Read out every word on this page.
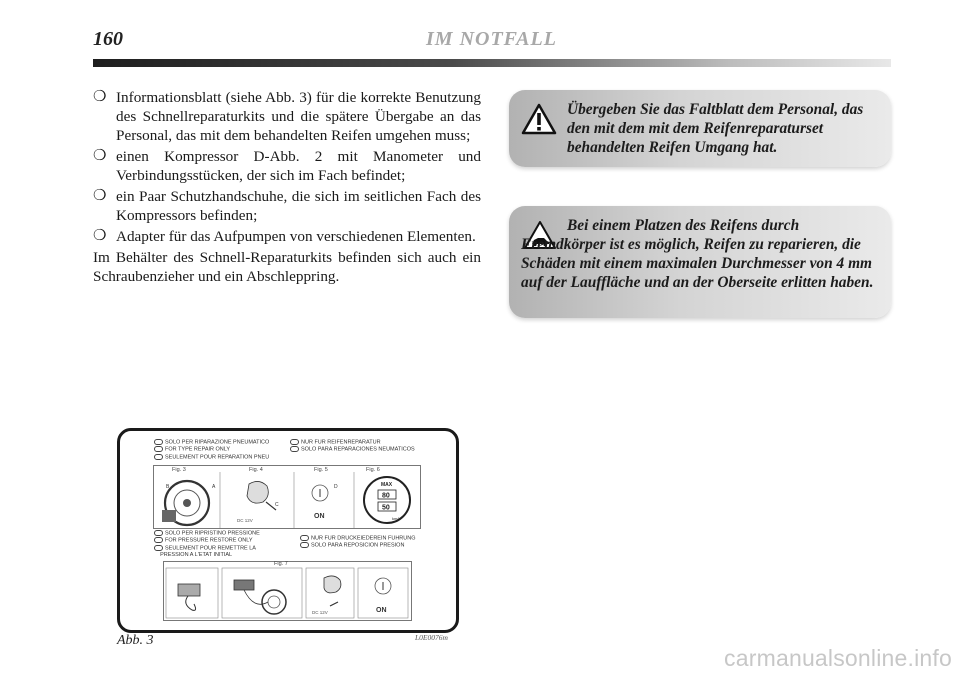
160	IM NOTFALL
❍ Informationsblatt (siehe Abb. 3) für die korrekte Benutzung des Schnellreparaturkits und die spätere Übergabe an das Personal, das mit dem behandelten Reifen umgehen muss;
❍ einen Kompressor D-Abb. 2 mit Manometer und Verbindungsstücken, der sich im Fach befindet;
❍ ein Paar Schutzhandschuhe, die sich im seitlichen Fach des Kompressors befinden;
❍ Adapter für das Aufpumpen von verschiedenen Elementen.

Im Behälter des Schnell-Reparaturkits befinden sich auch ein Schraubenzieher und ein Abschleppring.

Übergeben Sie das Faltblatt dem Personal, das den mit dem mit dem Reifenreparaturset behandelten Reifen Umgang hat.
Bei einem Platzen des Reifens durch Fremdkörper ist es möglich, Reifen zu reparieren, die Schäden mit einem maximalen Durchmesser von 4 mm auf der Lauffläche und an der Oberseite erlitten haben.
SOLO PER RIPARAZIONE PNEUMATICO
FOR TYPE REPAIR ONLY
SEULEMENT POUR REPARATION PNEU
NUR FUR REIFENREPARATUR
SOLO PARA REPARACIONES NEUMATICOS
Fig. 3	Fig. 4	Fig. 5	Fig. 6
B	A
C
DC 12V
D
ON
MAX
80
50
km/h
SOLO PER RIPRISTINO PRESSIONE
FOR PRESSURE RESTORE ONLY
SEULEMENT POUR REMETTRE LA
PRESSION A L'ETAT INITIAL
NUR FUR DRUCKEIEDEREIN FUHRUNG
SOLO PARA REPOSICION PRESION
Fig. 7
DC 12V	ON
Abb. 3	L0E0076m
carmanualsonline.info
